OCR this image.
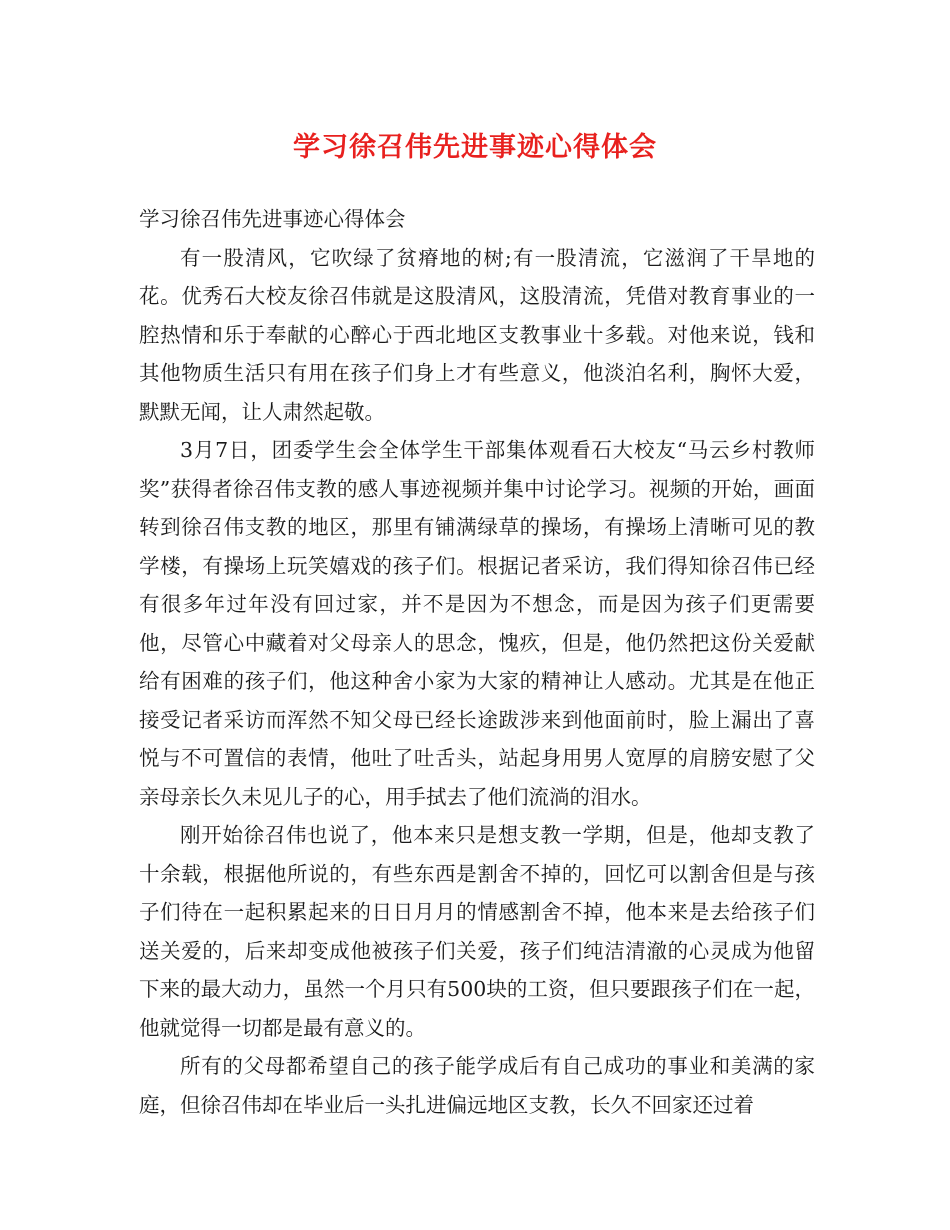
学习徐召伟先进事迹心得体会

学习徐召伟先进事迹心得体会

有一股清风，它吹绿了贫瘠地的树;有一股清流，它滋润了干旱地的花。优秀石大校友徐召伟就是这股清风，这股清流，凭借对教育事业的一腔热情和乐于奉献的心醉心于西北地区支教事业十多载。对他来说，钱和其他物质生活只有用在孩子们身上才有些意义，他淡泊名利，胸怀大爱，默默无闻，让人肃然起敬。

3月7日，团委学生会全体学生干部集体观看石大校友“马云乡村教师奖”获得者徐召伟支教的感人事迹视频并集中讨论学习。视频的开始，画面转到徐召伟支教的地区，那里有铺满绿草的操场，有操场上清晰可见的教学楼，有操场上玩笑嬉戏的孩子们。根据记者采访，我们得知徐召伟已经有很多年过年没有回过家，并不是因为不想念，而是因为孩子们更需要他，尽管心中藏着对父母亲人的思念，愧疚，但是，他仍然把这份关爱献给有困难的孩子们，他这种舍小家为大家的精神让人感动。尤其是在他正接受记者采访而浑然不知父母已经长途跋涉来到他面前时，脸上漏出了喜悦与不可置信的表情，他吐了吐舌头，站起身用男人宽厚的肩膀安慰了父亲母亲长久未见儿子的心，用手拭去了他们流淌的泪水。

刚开始徐召伟也说了，他本来只是想支教一学期，但是，他却支教了十余载，根据他所说的，有些东西是割舍不掉的，回忆可以割舍但是与孩子们待在一起积累起来的日日月月的情感割舍不掉，他本来是去给孩子们送关爱的，后来却变成他被孩子们关爱，孩子们纯洁清澈的心灵成为他留下来的最大动力，虽然一个月只有500块的工资，但只要跟孩子们在一起，他就觉得一切都是最有意义的。

所有的父母都希望自己的孩子能学成后有自己成功的事业和美满的家庭，但徐召伟却在毕业后一头扎进偏远地区支教，长久不回家还过着
